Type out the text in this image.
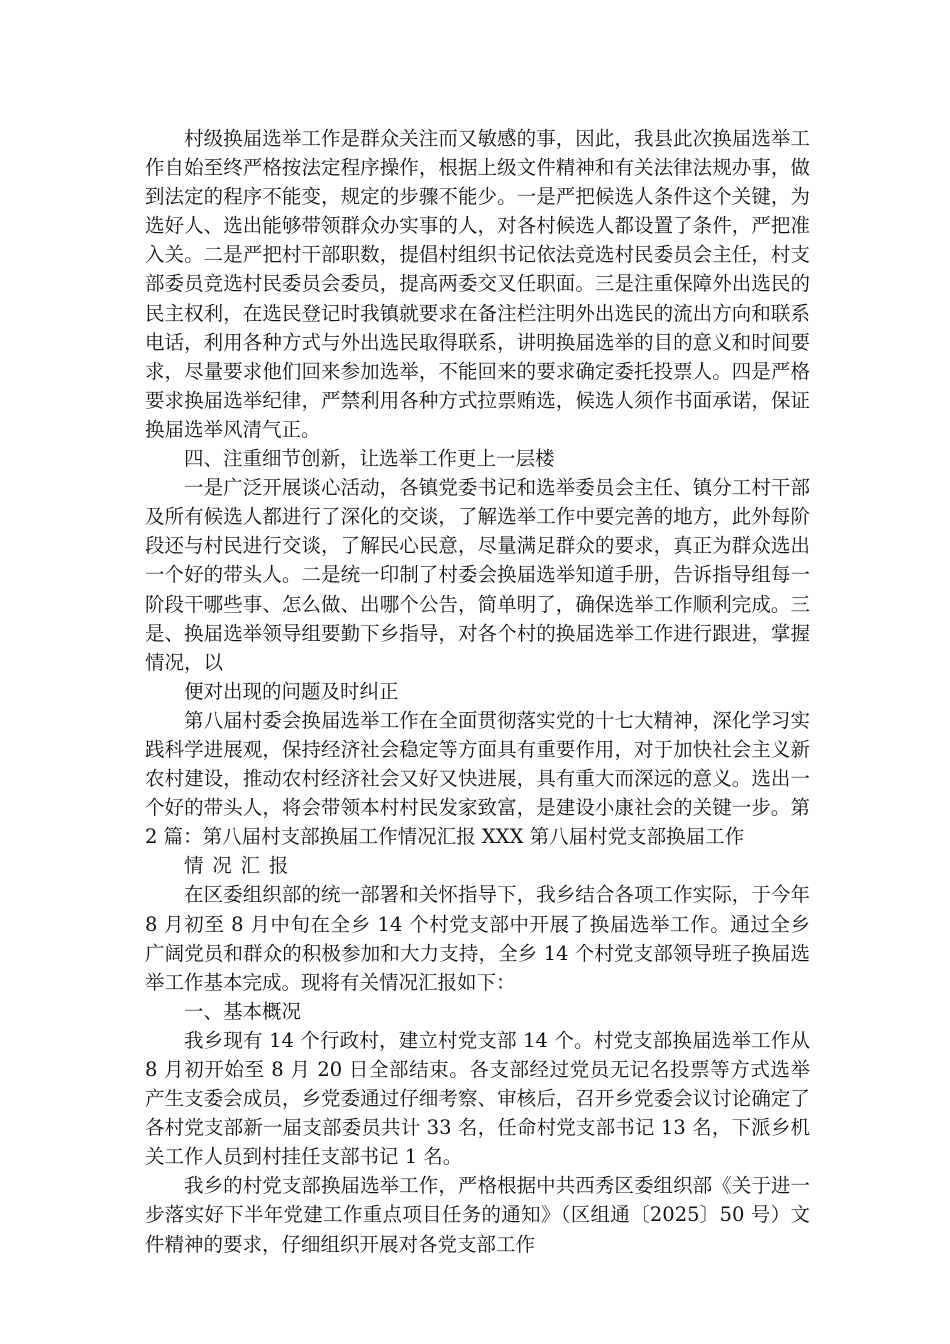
村级换届选举工作是群众关注而又敏感的事，因此，我县此次换届选举工作自始至终严格按法定程序操作，根据上级文件精神和有关法律法规办事，做到法定的程序不能变，规定的步骤不能少。一是严把候选人条件这个关键，为选好人、选出能够带领群众办实事的人，对各村候选人都设置了条件，严把准入关。二是严把村干部职数，提倡村组织书记依法竞选村民委员会主任，村支部委员竞选村民委员会委员，提高两委交叉任职面。三是注重保障外出选民的民主权利，在选民登记时我镇就要求在备注栏注明外出选民的流出方向和联系电话，利用各种方式与外出选民取得联系，讲明换届选举的目的意义和时间要求，尽量要求他们回来参加选举，不能回来的要求确定委托投票人。四是严格要求换届选举纪律，严禁利用各种方式拉票贿选，候选人须作书面承诺，保证换届选举风清气正。

四、注重细节创新，让选举工作更上一层楼

一是广泛开展谈心活动，各镇党委书记和选举委员会主任、镇分工村干部及所有候选人都进行了深化的交谈，了解选举工作中要完善的地方，此外每阶段还与村民进行交谈，了解民心民意，尽量满足群众的要求，真正为群众选出一个好的带头人。二是统一印制了村委会换届选举知道手册，告诉指导组每一阶段干哪些事、怎么做、出哪个公告，简单明了，确保选举工作顺利完成。三是、换届选举领导组要勤下乡指导，对各个村的换届选举工作进行跟进，掌握情况，以

便对出现的问题及时纠正

第八届村委会换届选举工作在全面贯彻落实党的十七大精神，深化学习实践科学进展观，保持经济社会稳定等方面具有重要作用，对于加快社会主义新农村建设，推动农村经济社会又好又快进展，具有重大而深远的意义。选出一个好的带头人，将会带领本村村民发家致富，是建设小康社会的关键一步。第 2 篇：第八届村支部换届工作情况汇报 XXX 第八届村党支部换届工作

情况汇报

在区委组织部的统一部署和关怀指导下，我乡结合各项工作实际，于今年 8 月初至 8 月中旬在全乡 14 个村党支部中开展了换届选举工作。通过全乡广阔党员和群众的积极参加和大力支持，全乡 14 个村党支部领导班子换届选举工作基本完成。现将有关情况汇报如下：

一、基本概况

我乡现有 14 个行政村，建立村党支部 14 个。村党支部换届选举工作从 8 月初开始至 8 月 20 日全部结束。各支部经过党员无记名投票等方式选举产生支委会成员，乡党委通过仔细考察、审核后，召开乡党委会议讨论确定了各村党支部新一届支部委员共计 33 名，任命村党支部书记 13 名，下派乡机关工作人员到村挂任支部书记 1 名。

我乡的村党支部换届选举工作，严格根据中共西秀区委组织部《关于进一步落实好下半年党建工作重点项目任务的通知》（区组通〔2025〕50 号）文件精神的要求，仔细组织开展对各党支部工作
